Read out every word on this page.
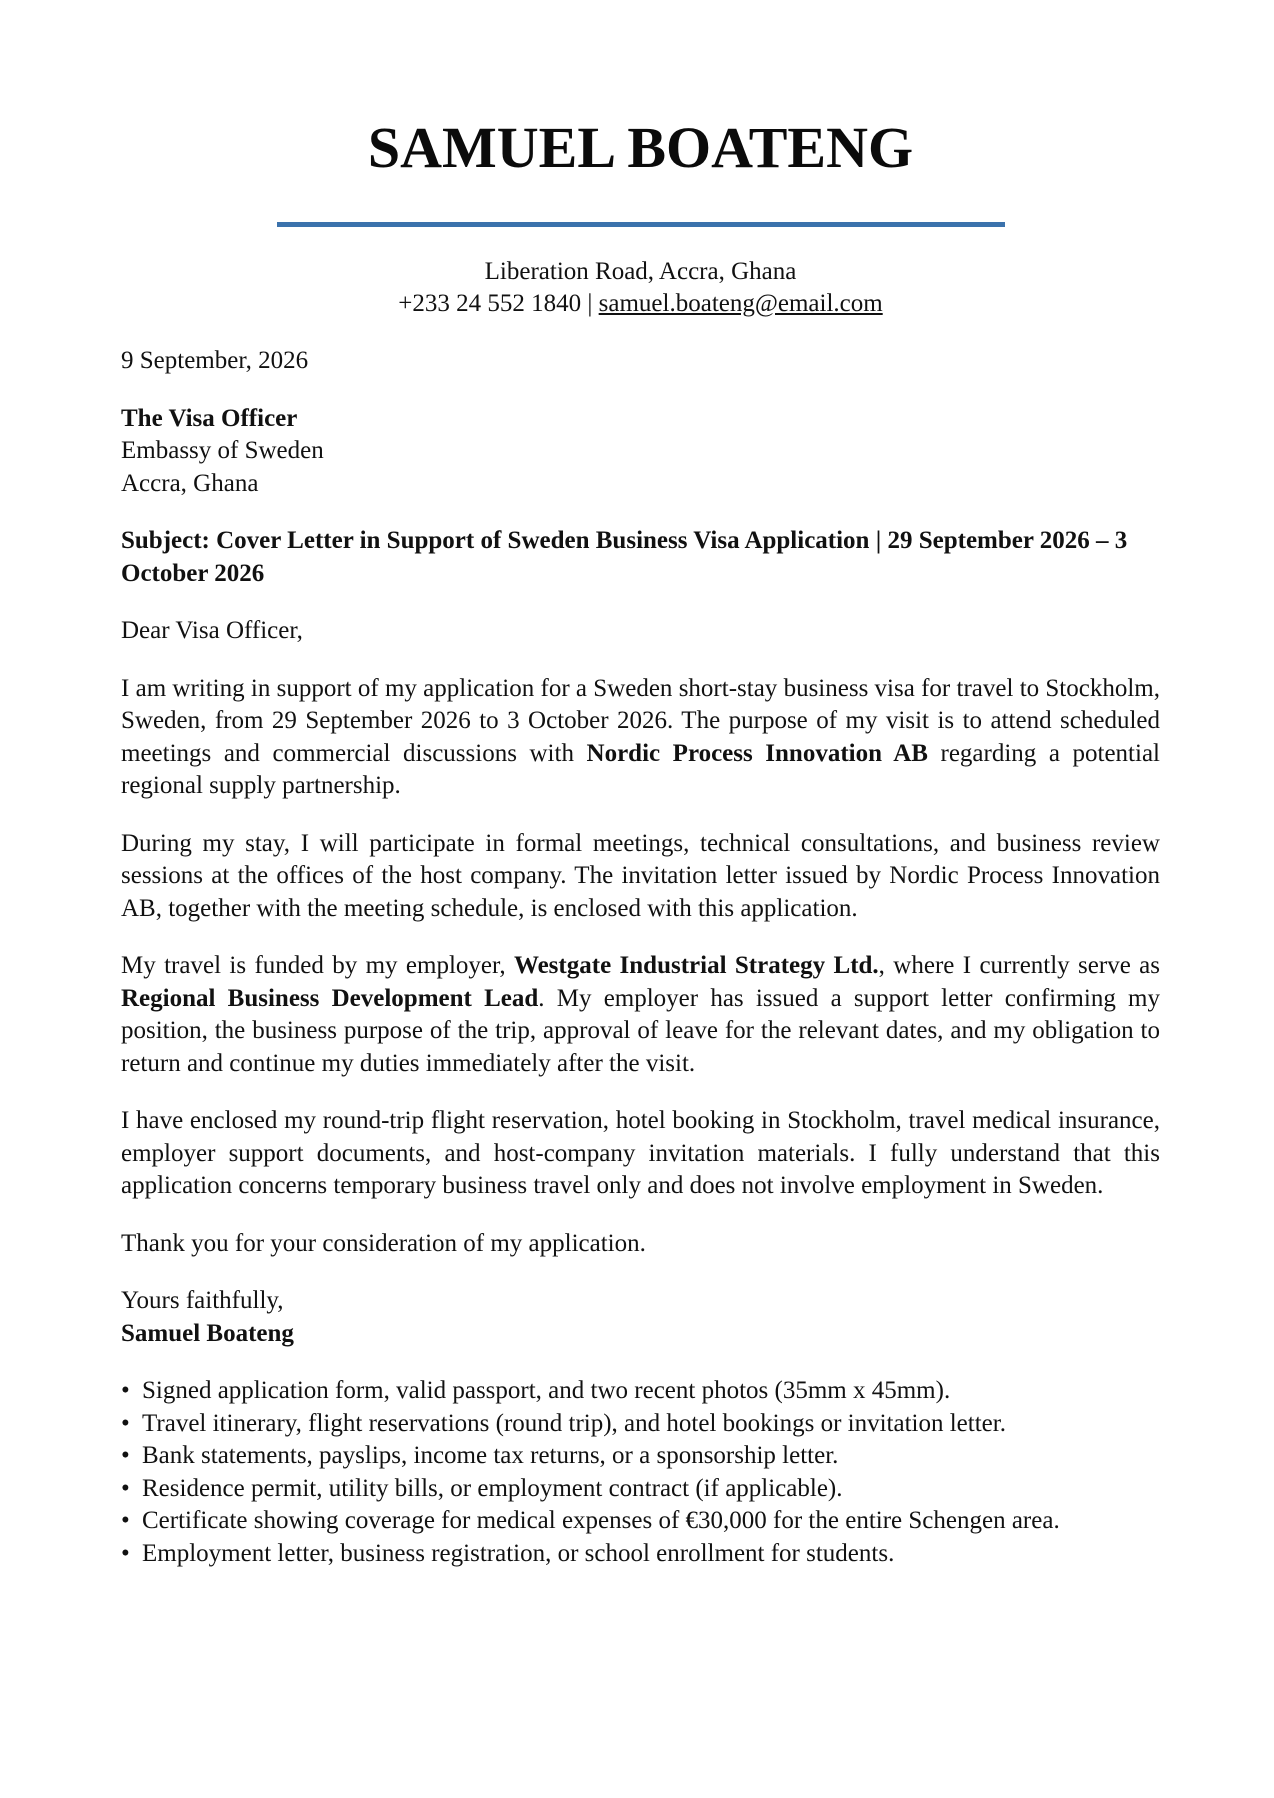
SAMUEL BOATENG
Liberation Road, Accra, Ghana
+233 24 552 1840 | samuel.boateng@email.com
9 September, 2026
The Visa Officer
Embassy of Sweden
Accra, Ghana
Subject: Cover Letter in Support of Sweden Business Visa Application | 29 September 2026 – 3 October 2026
Dear Visa Officer,

I am writing in support of my application for a Sweden short-stay business visa for travel to Stockholm, Sweden, from 29 September 2026 to 3 October 2026. The purpose of my visit is to attend scheduled meetings and commercial discussions with Nordic Process Innovation AB regarding a potential regional supply partnership.

During my stay, I will participate in formal meetings, technical consultations, and business review sessions at the offices of the host company. The invitation letter issued by Nordic Process Innovation AB, together with the meeting schedule, is enclosed with this application.

My travel is funded by my employer, Westgate Industrial Strategy Ltd., where I currently serve as Regional Business Development Lead. My employer has issued a support letter confirming my position, the business purpose of the trip, approval of leave for the relevant dates, and my obligation to return and continue my duties immediately after the visit.

I have enclosed my round-trip flight reservation, hotel booking in Stockholm, travel medical insurance, employer support documents, and host-company invitation materials. I fully understand that this application concerns temporary business travel only and does not involve employment in Sweden.

Thank you for your consideration of my application.

Yours faithfully,
Samuel Boateng
• Signed application form, valid passport, and two recent photos (35mm x 45mm).
• Travel itinerary, flight reservations (round trip), and hotel bookings or invitation letter.
• Bank statements, payslips, income tax returns, or a sponsorship letter.
• Residence permit, utility bills, or employment contract (if applicable).
• Certificate showing coverage for medical expenses of €30,000 for the entire Schengen area.
• Employment letter, business registration, or school enrollment for students.
